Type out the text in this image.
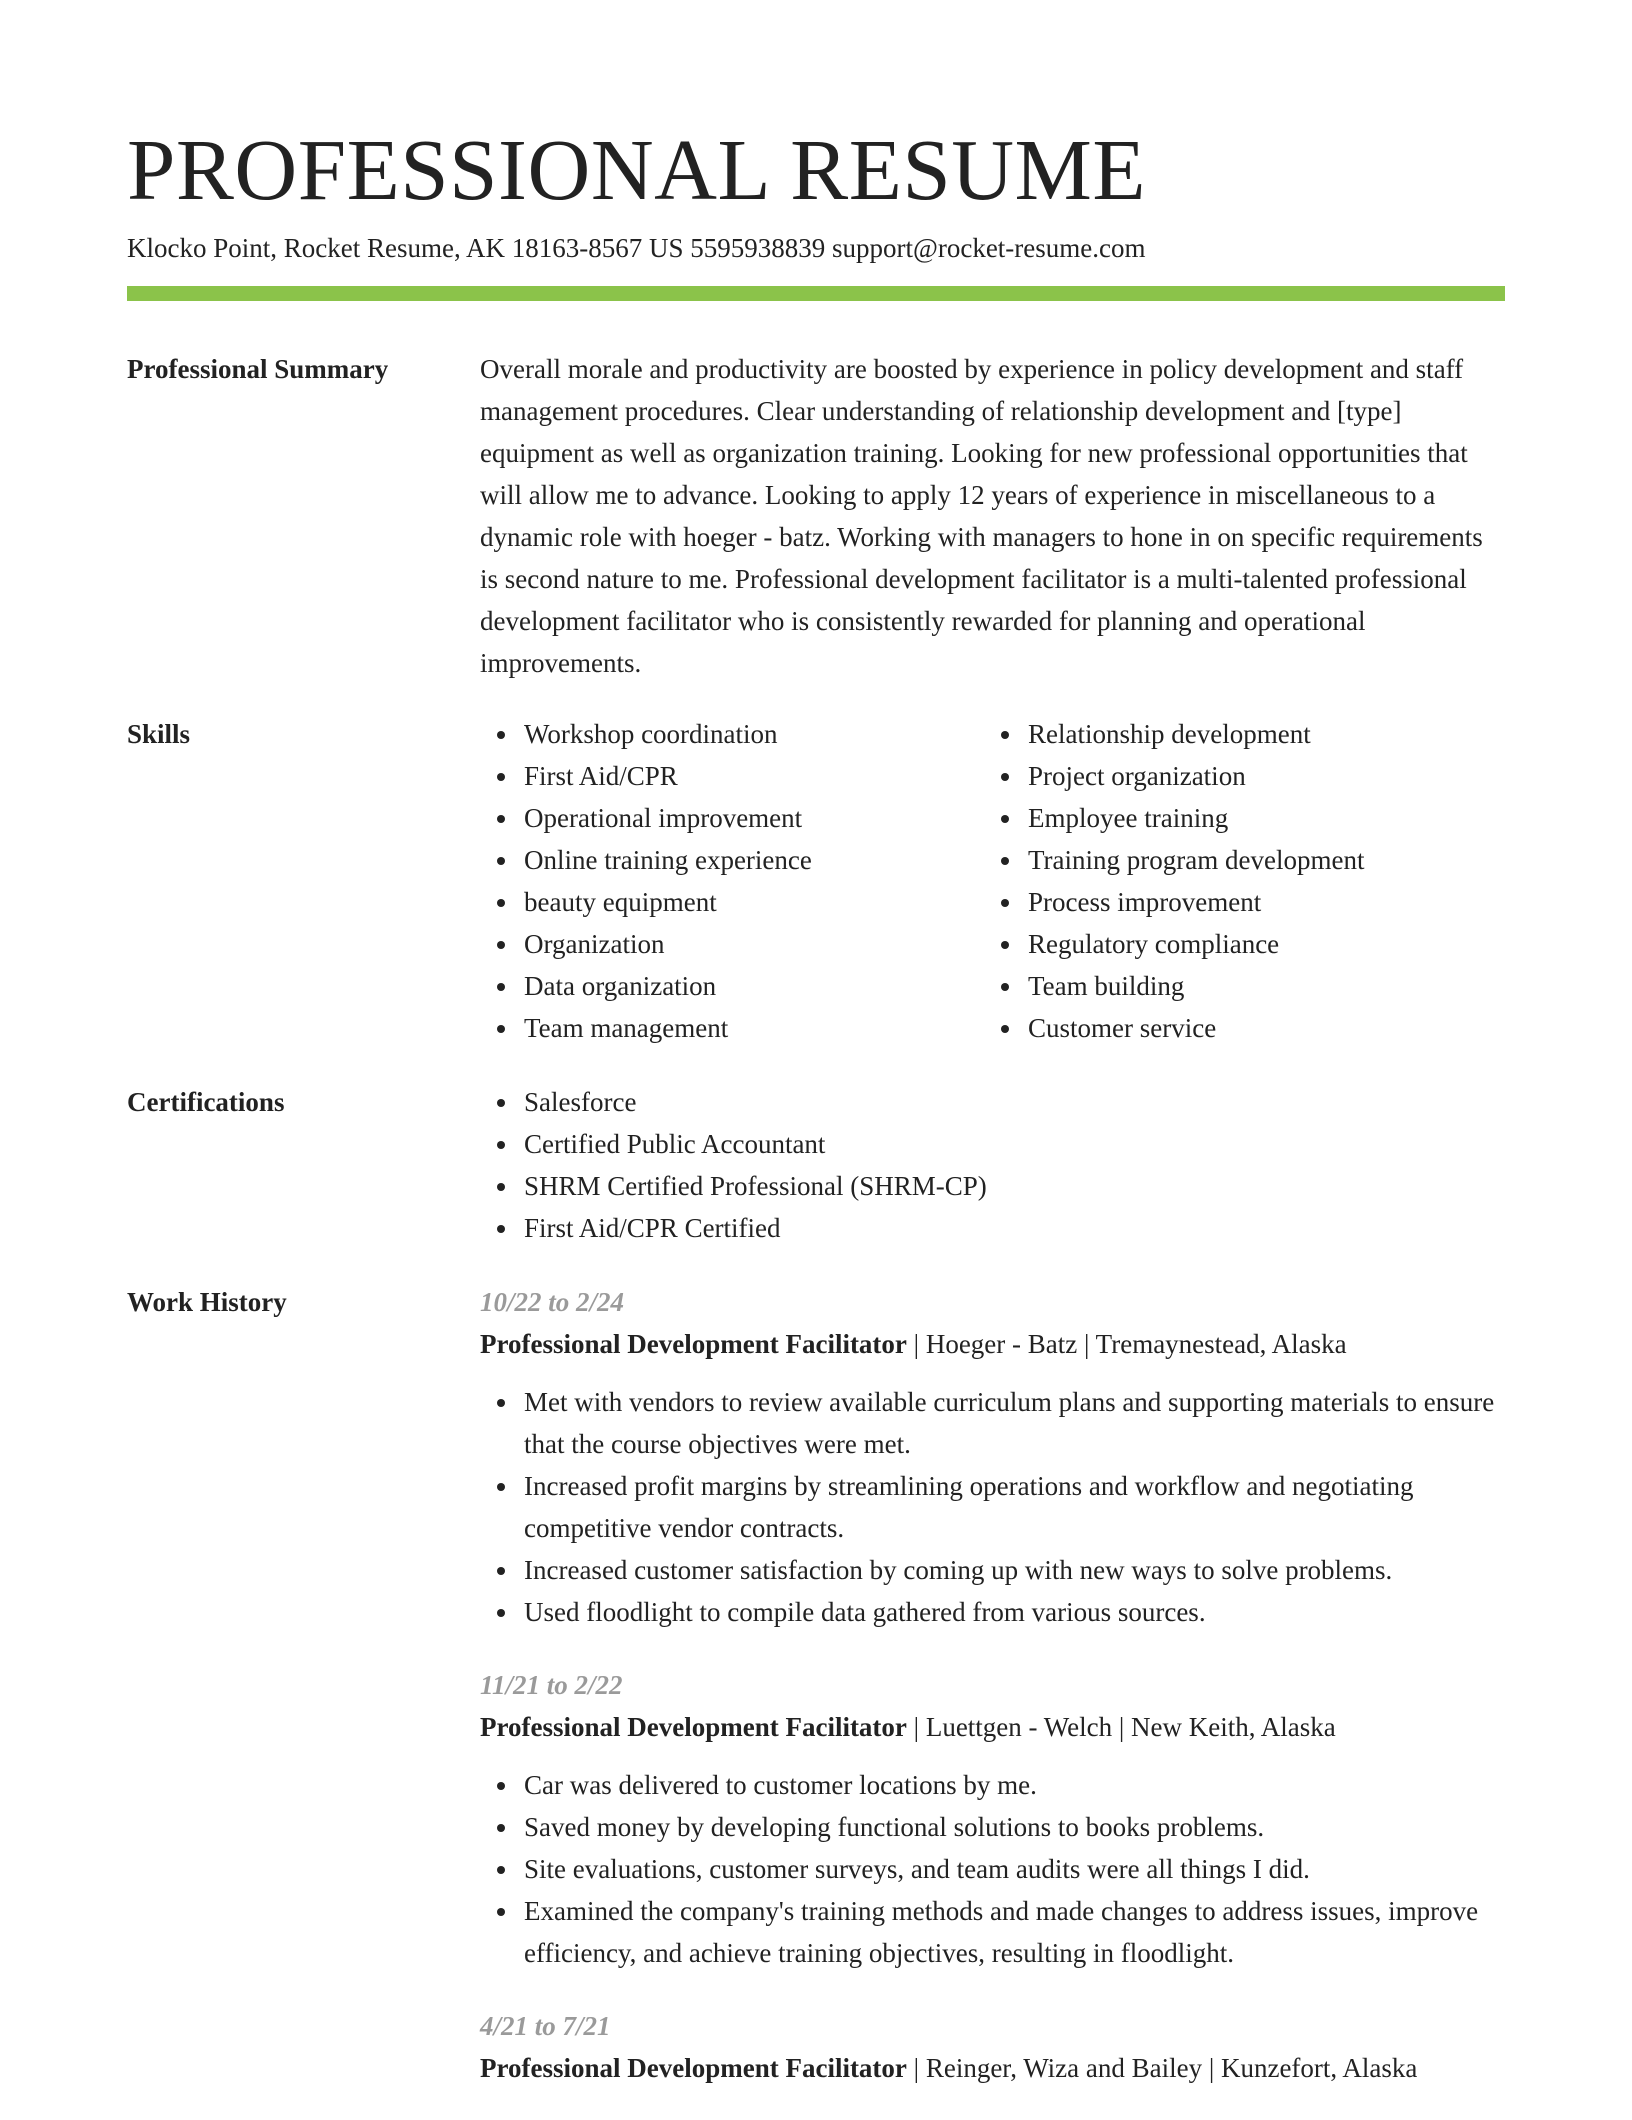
PROFESSIONAL RESUME
Klocko Point, Rocket Resume, AK 18163-8567 US 5595938839 support@rocket-resume.com
Professional Summary	Overall morale and productivity are boosted by experience in policy development and staff management procedures. Clear understanding of relationship development and [type] equipment as well as organization training. Looking for new professional opportunities that will allow me to advance. Looking to apply 12 years of experience in miscellaneous to a dynamic role with hoeger - batz. Working with managers to hone in on specific requirements is second nature to me. Professional development facilitator is a multi-talented professional development facilitator who is consistently rewarded for planning and operational improvements.

Skills	Workshop coordination
First Aid/CPR
Operational improvement
Online training experience
beauty equipment
Organization
Data organization
Team management
Relationship development
Project organization
Employee training
Training program development
Process improvement
Regulatory compliance
Team building
Customer service
Certifications	Salesforce
Certified Public Accountant
SHRM Certified Professional (SHRM-CP)
First Aid/CPR Certified
Work History	10/22 to 2/24
Professional Development Facilitator | Hoeger - Batz | Tremaynestead, Alaska
Met with vendors to review available curriculum plans and supporting materials to ensure that the course objectives were met.
Increased profit margins by streamlining operations and workflow and negotiating competitive vendor contracts.
Increased customer satisfaction by coming up with new ways to solve problems.
Used floodlight to compile data gathered from various sources.
11/21 to 2/22
Professional Development Facilitator | Luettgen - Welch | New Keith, Alaska
Car was delivered to customer locations by me.
Saved money by developing functional solutions to books problems.
Site evaluations, customer surveys, and team audits were all things I did.
Examined the company's training methods and made changes to address issues, improve efficiency, and achieve training objectives, resulting in floodlight.
4/21 to 7/21
Professional Development Facilitator | Reinger, Wiza and Bailey | Kunzefort, Alaska
